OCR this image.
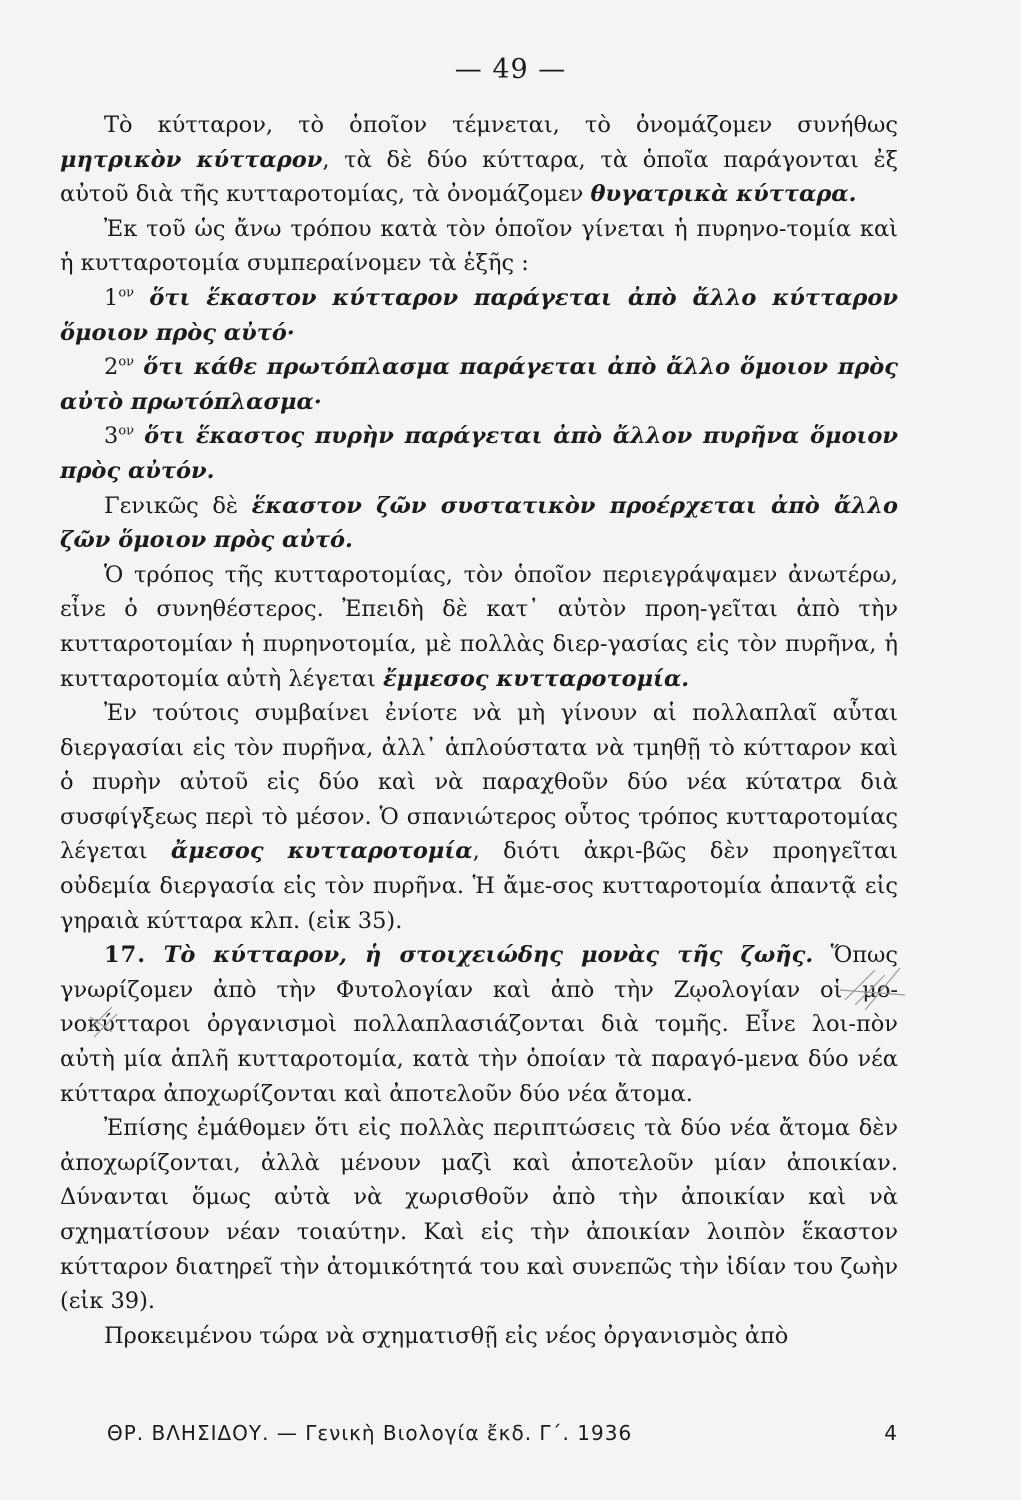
— 49 —

Τὸ κύτταρον, τὸ ὁποῖον τέμνεται, τὸ ὀνομάζομεν συνήθως μητρικὸν κύτταρον, τὰ δὲ δύο κύτταρα, τὰ ὁποῖα παράγονται ἐξ αὐτοῦ διὰ τῆς κυτταροτομίας, τὰ ὀνομάζομεν θυγατρικὰ κύτταρα.

Ἐκ τοῦ ὡς ἄνω τρόπου κατὰ τὸν ὁποῖον γίνεται ἡ πυρηνο-τομία καὶ ἡ κυτταροτομία συμπεραίνομεν τὰ ἑξῆς :

$1^{o\nu}$ ὅτι ἕκαστον κύτταρον παράγεται ἀπὸ ἄλλο κύτταρον ὅμοιον πρὸς αὐτό·

$2^{o\nu}$ ὅτι κάθε πρωτόπλασμα παράγεται ἀπὸ ἄλλο ὅμοιον πρὸς αὐτὸ πρωτόπλασμα·

$3^{o\nu}$ ὅτι ἕκαστος πυρὴν παράγεται ἀπὸ ἄλλον πυρῆνα ὅμοιον πρὸς αὐτόν.

Γενικῶς δὲ ἕκαστον ζῶν συστατικὸν προέρχεται ἀπὸ ἄλλο ζῶν ὅμοιον πρὸς αὐτό.

Ὁ τρόπος τῆς κυτταροτομίας, τὸν ὁποῖον περιεγράψαμεν ἀνωτέρω, εἶνε ὁ συνηθέστερος. Ἐπειδὴ δὲ κατ᾽ αὐτὸν προη-γεῖται ἀπὸ τὴν κυτταροτομίαν ἡ πυρηνοτομία, μὲ πολλὰς διερ-γασίας εἰς τὸν πυρῆνα, ἡ κυτταροτομία αὐτὴ λέγεται ἔμμεσος κυτταροτομία.

Ἐν τούτοις συμβαίνει ἐνίοτε νὰ μὴ γίνουν αἱ πολλαπλαῖ αὗται διεργασίαι εἰς τὸν πυρῆνα, ἀλλ᾽ ἁπλούστατα νὰ τμηθῇ τὸ κύτταρον καὶ ὁ πυρὴν αὐτοῦ εἰς δύο καὶ νὰ παραχθοῦν δύο νέα κύτατρα διὰ συσφίγξεως περὶ τὸ μέσον. Ὁ σπανιώτερος οὗτος τρόπος κυτταροτομίας λέγεται ἄμεσος κυτταροτομία, διότι ἀκρι-βῶς δὲν προηγεῖται οὐδεμία διεργασία εἰς τὸν πυρῆνα. Ἡ ἄμε-σος κυτταροτομία ἀπαντᾷ εἰς γηραιὰ κύτταρα κλπ. (εἰκ 35).

17. Τὸ κύτταρον, ἡ στοιχειώδης μονὰς τῆς ζωῆς. Ὅπως γνωρίζομεν ἀπὸ τὴν Φυτολογίαν καὶ ἀπὸ τὴν Ζῳολογίαν οἱ μο-νοκύτταροι ὀργανισμοὶ πολλαπλασιάζονται διὰ τομῆς. Εἶνε λοι-πὸν αὐτὴ μία ἁπλῆ κυτταροτομία, κατὰ τὴν ὁποίαν τὰ παραγό-μενα δύο νέα κύτταρα ἀποχωρίζονται καὶ ἀποτελοῦν δύο νέα ἄτομα.

Ἐπίσης ἐμάθομεν ὅτι εἰς πολλὰς περιπτώσεις τὰ δύο νέα ἄτομα δὲν ἀποχωρίζονται, ἀλλὰ μένουν μαζὶ καὶ ἀποτελοῦν μίαν ἀποικίαν. Δύνανται ὅμως αὐτὰ νὰ χωρισθοῦν ἀπὸ τὴν ἀποικίαν καὶ νὰ σχηματίσουν νέαν τοιαύτην. Καὶ εἰς τὴν ἀποικίαν λοιπὸν ἕκαστον κύτταρον διατηρεῖ τὴν ἀτομικότητά του καὶ συνεπῶς τὴν ἰδίαν του ζωὴν (εἰκ 39).

Προκειμένου τώρα νὰ σχηματισθῇ εἰς νέος ὀργανισμὸς ἀπὸ

ΘΡ. ΒΛΗΣΙΔΟΥ. — Γενικὴ Βιολογία ἔκδ. Γ΄. 1936	4
